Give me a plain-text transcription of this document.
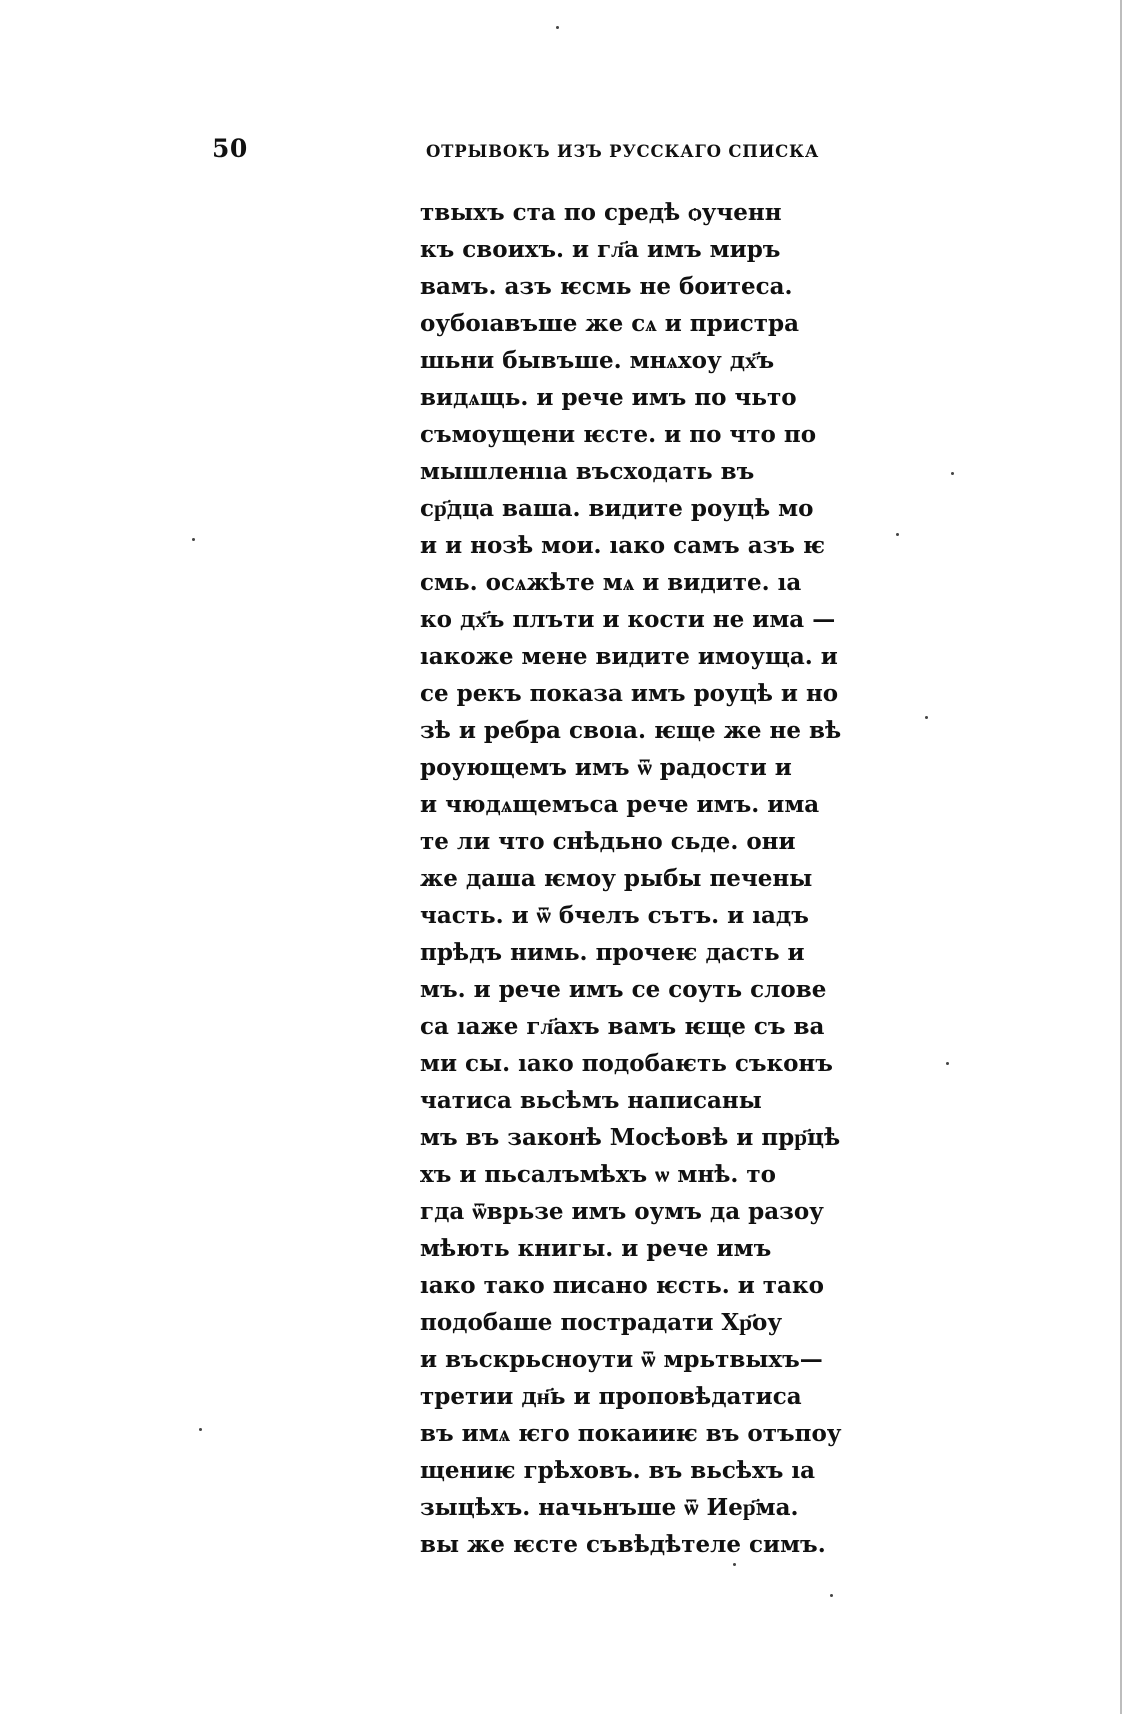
50	ОТРЫВОКЪ ИЗЪ РУССКАГО СПИСКА
твыхъ ста по средѣ ѻученн
къ своихъ. и гл҃а имъ миръ
вамъ. азъ ѥсмь не боитеса.
оубоıавъше же сѧ и пристра
шьни бывъше. мнѧхоу дх҃ъ
видѧщь. и рече имъ по чьто
съмоущени ѥсте. и по что по
мышленııа въсходать въ
ср҃дца ваша. видите роуцѣ мо
и и нозѣ мои. ıако самъ азъ ѥ
смь. осѧжѣте мѧ и видите. ıа
ко дх҃ъ плъти и кости не има —
ıакоже мене видите имоуща. и
се рекъ показа имъ роуцѣ и но
зѣ и ребра своıа. ѥще же не вѣ
роующемъ имъ ѿ радости и
и чюдѧщемъса рече имъ. има
те ли что снѣдьно сьде. они
же даша ѥмоу рыбы печены
часть. и ѿ бчелъ сътъ. и ıадъ
прѣдъ нимь. прочеѥ дасть и
мъ. и рече имъ се соуть слове
са ıаже гл҃ахъ вамъ ѥще съ ва
ми сы. ıако подобаѥть съконъ
чатиса вьсѣмъ написаны
мъ въ законѣ Мосѣовѣ и прр҃цѣ
хъ и пьсалъмѣхъ ѡ мнѣ. то
гда ѿврьзе имъ оумъ да разоу
мѣють книгы. и рече имъ
ıако тако писано ѥсть. и тако
подобаше пострадати Хр҃оу
и въскрьсноути ѿ мрьтвыхъ—
третии дн҃ь и проповѣдатиса
въ имѧ ѥго покаииѥ въ отъпоу
щениѥ грѣховъ. въ вьсѣхъ ıа
зыцѣхъ. начьнъше ѿ Иер҃ма.
вы же ѥсте съвѣдѣтеле симъ.
